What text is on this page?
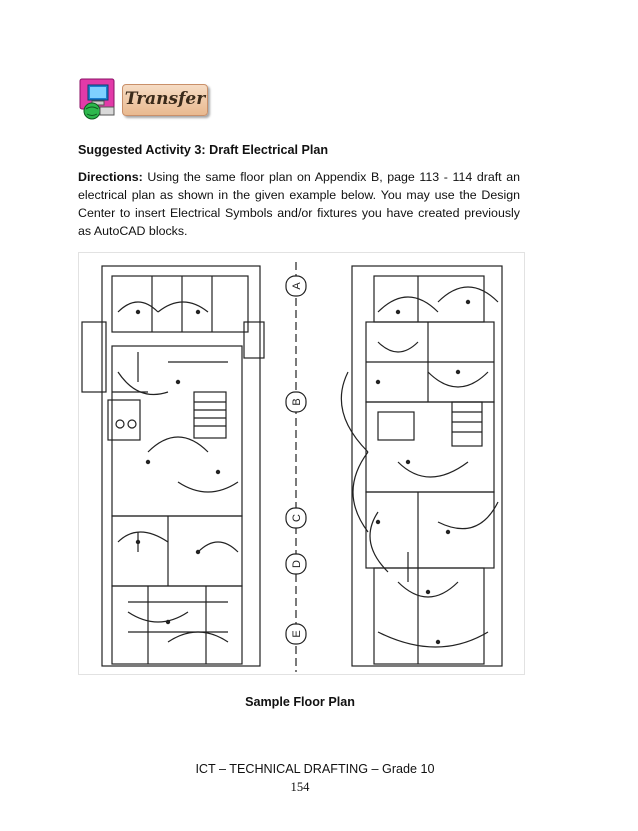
Transfer
Suggested Activity 3: Draft Electrical Plan
Directions: Using the same floor plan on Appendix B, page 113 - 114 draft an electrical plan as shown in the given example below. You may use the Design Center to insert Electrical Symbols and/or fixtures you have created previously as AutoCAD blocks.
A
B
C
D
E
Sample Floor Plan
ICT – TECHNICAL DRAFTING – Grade 10
154
